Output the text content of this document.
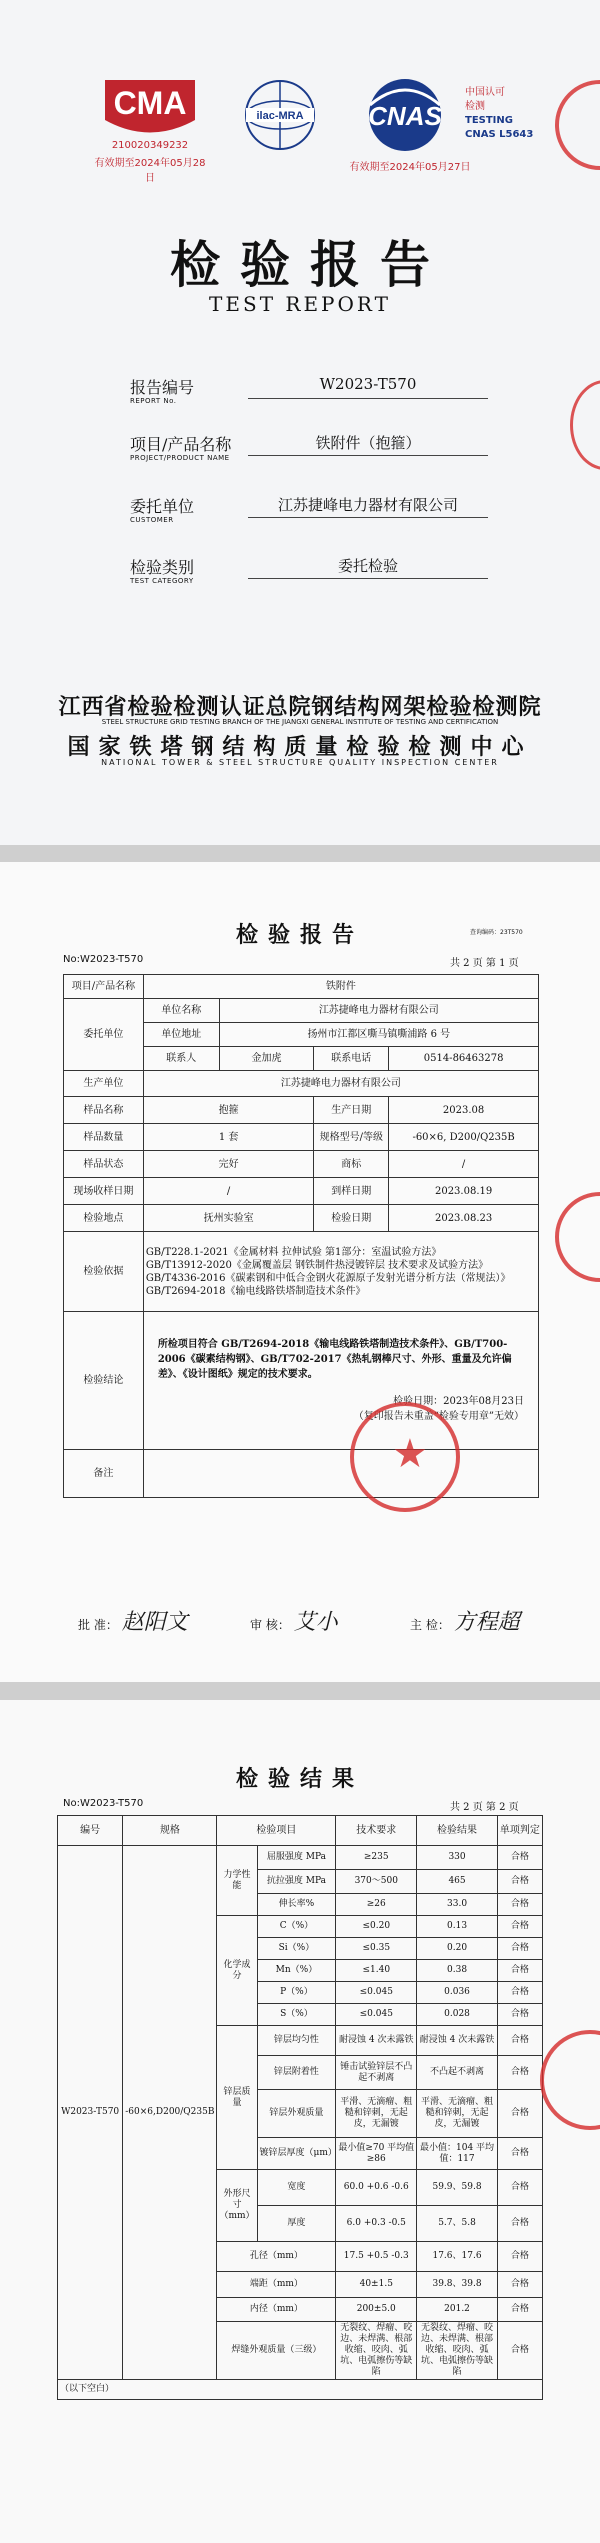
CMA
210020349232
有效期至2024年05月28日
ilac-MRA CNAS
有效期至2024年05月27日
中国认可
检测
TESTING
CNAS L5643
检验报告
TEST REPORT
报告编号
REPORT No.
W2023-T570
项目/产品名称
PROJECT/PRODUCT NAME
铁附件（抱箍）
委托单位
CUSTOMER
江苏捷峰电力器材有限公司
检验类别
TEST CATEGORY
委托检验
江西省检验检测认证总院钢结构网架检验检测院
STEEL STRUCTURE GRID TESTING BRANCH OF THE JIANGXI GENERAL INSTITUTE OF TESTING AND CERTIFICATION
国家铁塔钢结构质量检验检测中心
NATIONAL TOWER & STEEL STRUCTURE QUALITY INSPECTION CENTER
检验报告	查询编码：23T570
No:W2023-T570	共 2 页 第 1 页
项目/产品名称	铁附件			
委托单位	单位名称	江苏捷峰电力器材有限公司		
	单位地址	扬州市江都区嘶马镇嘶浦路 6 号		
	联系人	金加虎	联系电话	0514-86463278
生产单位	江苏捷峰电力器材有限公司			
样品名称	抱箍		生产日期	2023.08
样品数量	1 套		规格型号/等级	-60×6, D200/Q235B
样品状态	完好		商标	/
现场收样日期	/		到样日期	2023.08.19
检验地点	抚州实验室		检验日期	2023.08.23
检验依据	GB/T228.1-2021《金属材料 拉伸试验 第1部分：室温试验方法》
GB/T13912-2020《金属覆盖层 钢铁制件热浸镀锌层 技术要求及试验方法》
GB/T4336-2016《碳素钢和中低合金钢火花源原子发射光谱分析方法（常规法）》
GB/T2694-2018《输电线路铁塔制造技术条件》			

检验结论	所检项目符合 GB/T2694-2018《输电线路铁塔制造技术条件》、GB/T700-2006《碳素结构钢》、GB/T702-2017《热轧钢棒尺寸、外形、重量及允许偏差》、《设计图纸》规定的技术要求。
检验日期：2023年08月23日
（复印报告未重盖“检验专用章”无效）			

备注					★
批 准： 赵阳文	审 核： 艾小	主 检： 方程超
检验结果
No:W2023-T570	共 2 页 第 2 页
编号	规格	检验项目		技术要求	检验结果	单项判定
W2023-T570	-60×6,D200/Q235B	力学性能	屈服强度 MPa	≥235	330	合格
			抗拉强度 MPa	370～500	465	合格
			伸长率%	≥26	33.0	合格
		化学成分	C（%）	≤0.20	0.13	合格
			Si（%）	≤0.35	0.20	合格
			Mn（%）	≤1.40	0.38	合格
			P（%）	≤0.045	0.036	合格
			S（%）	≤0.045	0.028	合格
		锌层质量	锌层均匀性	耐浸蚀 4 次未露铁	耐浸蚀 4 次未露铁	合格
			锌层附着性	锤击试验锌层不凸起不剥离	不凸起不剥离	合格
			锌层外观质量	平滑、无滴瘤、粗糙和锌刺，无起皮，无漏镀	平滑、无滴瘤、粗糙和锌刺，无起皮，无漏镀	合格
			镀锌层厚度（μm）	最小值≥70 平均值≥86	最小值：104 平均值：117	合格
		外形尺寸（mm）	宽度	60.0 +0.6 -0.6	59.9、59.8	合格
			厚度	6.0 +0.3 -0.5	5.7、5.8	合格
		孔径（mm）		17.5 +0.5 -0.3	17.6、17.6	合格
		端距（mm）		40±1.5	39.8、39.8	合格
		内径（mm）		200±5.0	201.2	合格
		焊缝外观质量（三级）		无裂纹、焊瘤、咬边、未焊满、根部收缩、咬肉、弧坑、电弧擦伤等缺陷	无裂纹、焊瘤、咬边、未焊满、根部收缩、咬肉、弧坑、电弧擦伤等缺陷	合格
（以下空白）						
